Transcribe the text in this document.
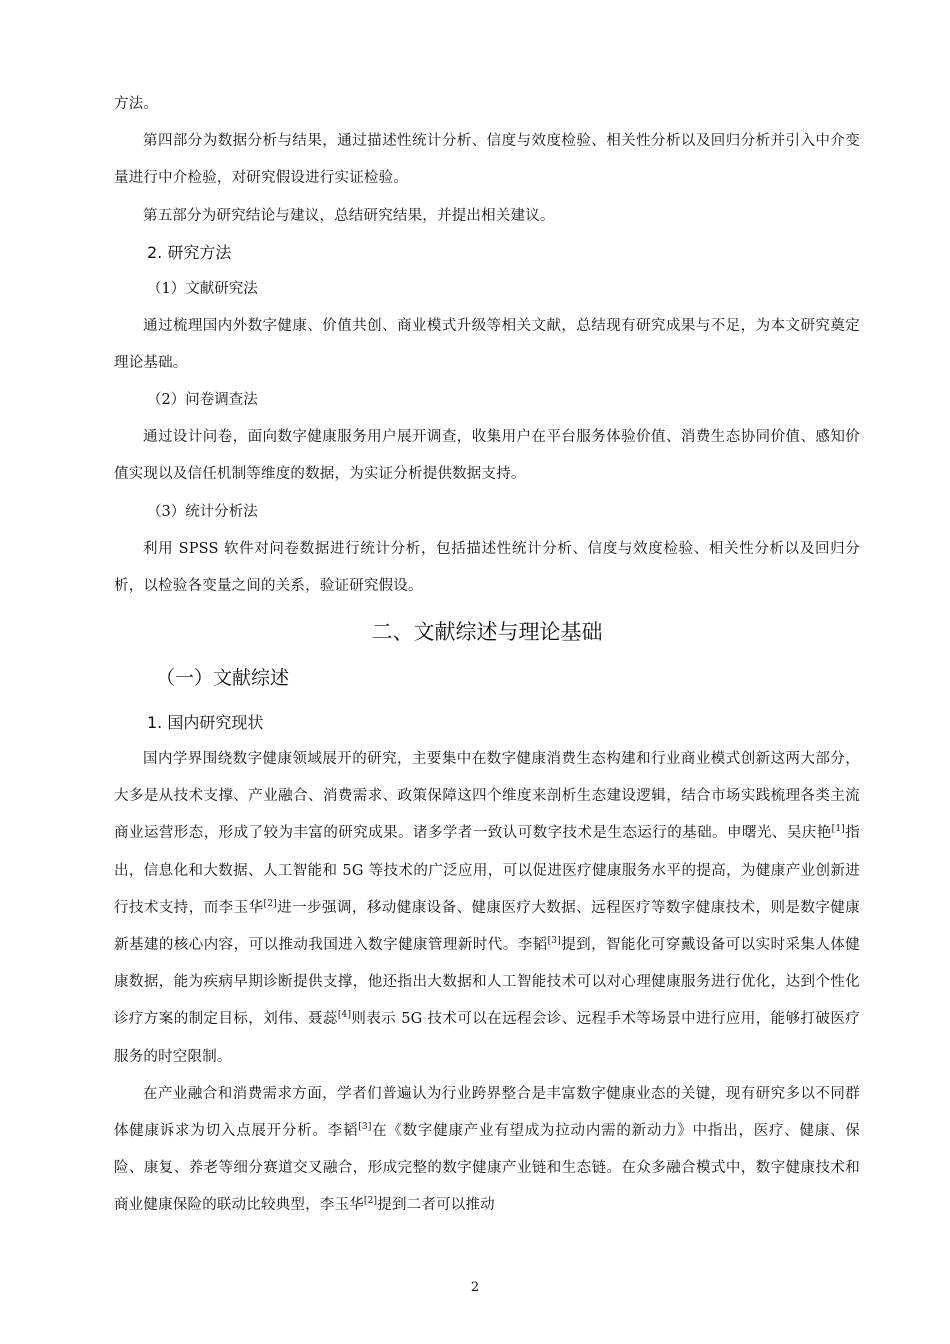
方法。

第四部分为数据分析与结果，通过描述性统计分析、信度与效度检验、相关性分析以及回归分析并引入中介变量进行中介检验，对研究假设进行实证检验。

第五部分为研究结论与建议，总结研究结果，并提出相关建议。

2. 研究方法

（1）文献研究法

通过梳理国内外数字健康、价值共创、商业模式升级等相关文献，总结现有研究成果与不足，为本文研究奠定理论基础。

（2）问卷调查法

通过设计问卷，面向数字健康服务用户展开调查，收集用户在平台服务体验价值、消费生态协同价值、感知价值实现以及信任机制等维度的数据，为实证分析提供数据支持。

（3）统计分析法

利用 SPSS 软件对问卷数据进行统计分析，包括描述性统计分析、信度与效度检验、相关性分析以及回归分析，以检验各变量之间的关系，验证研究假设。

二、文献综述与理论基础

（一）文献综述

1. 国内研究现状

国内学界围绕数字健康领域展开的研究，主要集中在数字健康消费生态构建和行业商业模式创新这两大部分，大多是从技术支撑、产业融合、消费需求、政策保障这四个维度来剖析生态建设逻辑，结合市场实践梳理各类主流商业运营形态，形成了较为丰富的研究成果。诸多学者一致认可数字技术是生态运行的基础。申曙光、吴庆艳[1]指出，信息化和大数据、人工智能和 5G 等技术的广泛应用，可以促进医疗健康服务水平的提高，为健康产业创新进行技术支持，而李玉华[2]进一步强调，移动健康设备、健康医疗大数据、远程医疗等数字健康技术，则是数字健康新基建的核心内容，可以推动我国进入数字健康管理新时代。李韬[3]提到，智能化可穿戴设备可以实时采集人体健康数据，能为疾病早期诊断提供支撑，他还指出大数据和人工智能技术可以对心理健康服务进行优化，达到个性化诊疗方案的制定目标，刘伟、聂蕊[4]则表示 5G 技术可以在远程会诊、远程手术等场景中进行应用，能够打破医疗服务的时空限制。

在产业融合和消费需求方面，学者们普遍认为行业跨界整合是丰富数字健康业态的关键，现有研究多以不同群体健康诉求为切入点展开分析。李韬[3]在《数字健康产业有望成为拉动内需的新动力》中指出，医疗、健康、保险、康复、养老等细分赛道交叉融合，形成完整的数字健康产业链和生态链。在众多融合模式中，数字健康技术和商业健康保险的联动比较典型，李玉华[2]提到二者可以推动

2
